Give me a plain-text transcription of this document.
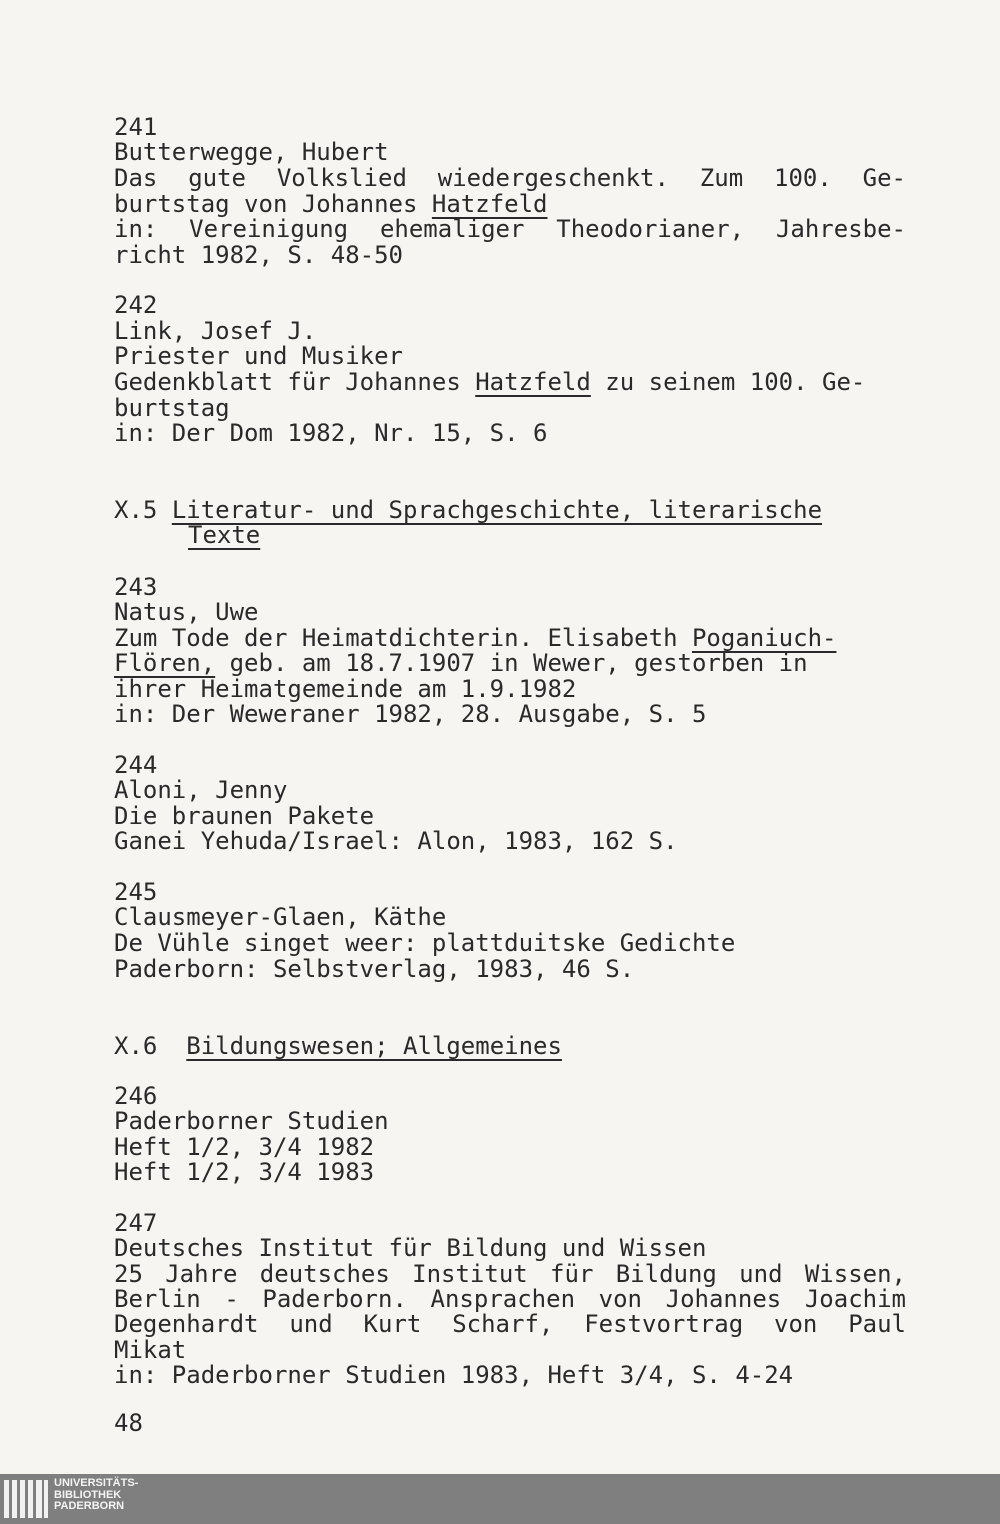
241
Butterwegge, Hubert
Das gute Volkslied wiedergeschenkt. Zum 100. Ge-
burtstag von Johannes Hatzfeld
in: Vereinigung ehemaliger Theodorianer, Jahresbe-
richt 1982, S. 48-50
242
Link, Josef J.
Priester und Musiker
Gedenkblatt für Johannes Hatzfeld zu seinem 100. Ge-
burtstag
in: Der Dom 1982, Nr. 15, S. 6
X.5 Literatur- und Sprachgeschichte, literarische
Texte
243
Natus, Uwe
Zum Tode der Heimatdichterin. Elisabeth Poganiuch-
Flören, geb. am 18.7.1907 in Wewer, gestorben in
ihrer Heimatgemeinde am 1.9.1982
in: Der Weweraner 1982, 28. Ausgabe, S. 5
244
Aloni, Jenny
Die braunen Pakete
Ganei Yehuda/Israel: Alon, 1983, 162 S.
245
Clausmeyer-Glaen, Käthe
De Vühle singet weer: plattduitske Gedichte
Paderborn: Selbstverlag, 1983, 46 S.
X.6 Bildungswesen; Allgemeines
246
Paderborner Studien
Heft 1/2, 3/4 1982
Heft 1/2, 3/4 1983
247
Deutsches Institut für Bildung und Wissen
25 Jahre deutsches Institut für Bildung und Wissen,
Berlin - Paderborn. Ansprachen von Johannes Joachim
Degenhardt und Kurt Scharf, Festvortrag von Paul
Mikat
in: Paderborner Studien 1983, Heft 3/4, S. 4-24
48
UNIVERSITÄTS-
BIBLIOTHEK
PADERBORN
